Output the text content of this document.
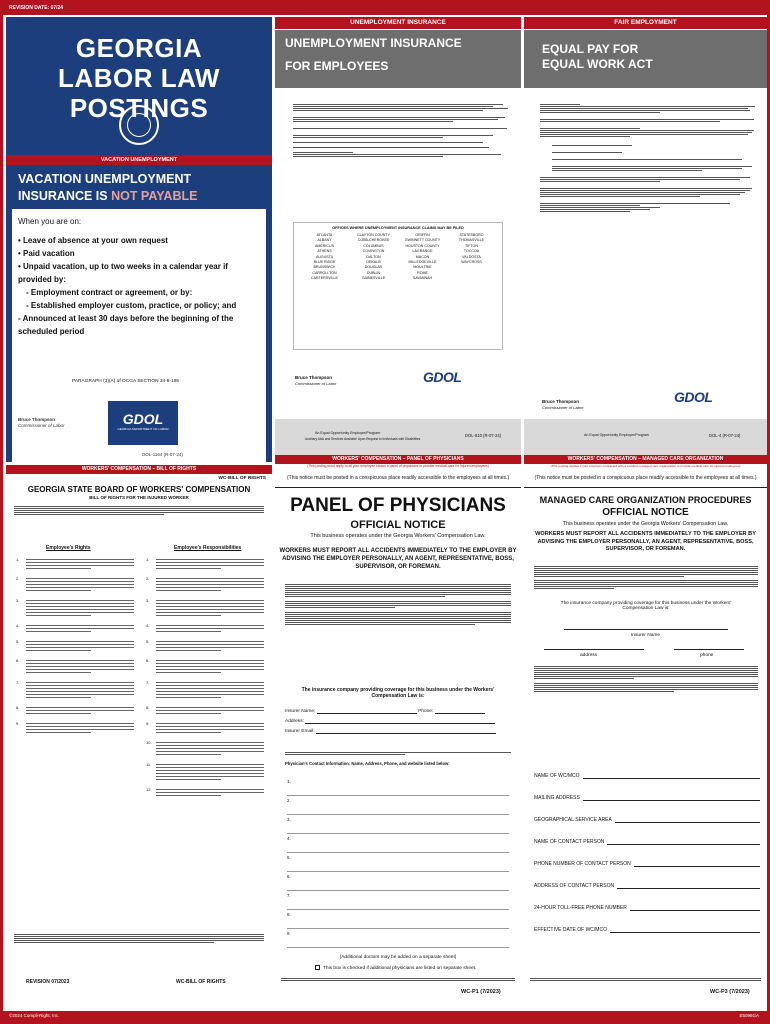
REVISION DATE: 07/24
GEORGIA
LABOR LAW POSTINGS
VACATION UNEMPLOYMENT
VACATION UNEMPLOYMENT
INSURANCE IS NOT PAYABLE
When you are on:
• Leave of absence at your own request
• Paid vacation
• Unpaid vacation, up to two weeks in a calendar year if provided by:
- Employment contract or agreement, or by:
- Established employer custom, practice, or policy; and
- Announced at least 30 days before the beginning of the scheduled period
PARAGRAPH (3)(A) of OCGA SECTION 34-8-195
Bruce Thompson
Commissioner of Labor	GDOL
GEORGIA DEPARTMENT OF LABOR
DOL-1164 (R-07-24)
UNEMPLOYMENT INSURANCE
UNEMPLOYMENT INSURANCE
FOR EMPLOYEES
OFFICES WHERE UNEMPLOYMENT INSURANCE CLAIMS MAY BE FILED
ATLANTA	CLAYTON COUNTY	GRIFFIN	STATESBORO
ALBANY	COBB-CHEROKEE	GWINNETT COUNTY	THOMASVILLE
AMERICUS	COLUMBUS	HOUSTON COUNTY	TIFTON
ATHENS	COVINGTON	LAGRANGE	TOCCOA
AUGUSTA	DALTON	MACON	VALDOSTA
BLUE RIDGE	DEKALB	MILLEDGEVILLE	WAYCROSS
BRUNSWICK	DOUGLAS	MOULTRIE
CARROLLTON	DUBLIN	ROME
CARTERSVILLE	GAINESVILLE	SAVANNAH
Bruce Thompson
Commissioner of Labor	GDOL
An Equal Opportunity Employer/Program
Auxiliary Aids and Services Available Upon Request to Individuals with Disabilities
DOL-810 (R-07-24)
FAIR EMPLOYMENT
EQUAL PAY FOR
EQUAL WORK ACT
Bruce Thompson
Commissioner of Labor
GDOL
An Equal Opportunity Employer/Program	DOL-4 (R-07-24)
WORKERS' COMPENSATION – BILL OF RIGHTS
WC-BILL OF RIGHTS
GEORGIA STATE BOARD OF WORKERS' COMPENSATION
BILL OF RIGHTS FOR THE INJURED WORKER
Employee's Rights	Employee's Responsibilities
1.
2.
3.
4.
5.
6.
7.
8.
9.
1.
2.
3.
4.
5.
6.
7.
8.
9.
10.
11.
12.
REVISION 07/2023	WC-BILL OF RIGHTS
WORKERS' COMPENSATION – PANEL OF PHYSICIANS
(This posting must apply to all your employee shown a panel of physicians to provide medical care for injured employees)
(This notice must be posted in a conspicuous place readily accessible to the employees at all times.)
PANEL OF PHYSICIANS
OFFICIAL NOTICE
This business operates under the Georgia Workers' Compensation Law.
WORKERS MUST REPORT ALL ACCIDENTS IMMEDIATELY TO THE EMPLOYER BY ADVISING THE EMPLOYER PERSONALLY, AN AGENT, REPRESENTATIVE, BOSS, SUPERVISOR, OR FOREMAN.
The insurance company providing coverage for this business under the Workers' Compensation Law is:
Insurer Name:	Phone:
Address:
Insurer Email:
Physician's Contact Information: Name, Address, Phone, and website listed below:
1.
2.
3.
4.
5.
6.
7.
8.
9.
(Additional doctors may be added on a separate sheet)
This box is checked if additional physicians are listed on separate sheet.
WC-P1 (7/2023)
WORKERS' COMPENSATION – MANAGED CARE ORGANIZATION
(This posting applies if your employer contracted with a certified managed care organization to provide medical care for injured employees)
(This notice must be posted in a conspicuous place readily accessible to the employees at all times.)
MANAGED CARE ORGANIZATION PROCEDURES
OFFICIAL NOTICE
This business operates under the Georgia Workers' Compensation Law.
WORKERS MUST REPORT ALL ACCIDENTS IMMEDIATELY TO THE EMPLOYER BY ADVISING THE EMPLOYER PERSONALLY, AN AGENT, REPRESENTATIVE, BOSS, SUPERVISOR, OR FOREMAN.
The insurance company providing coverage for this business under the Workers' Compensation Law is:
Insurer Name
address	phone
NAME OF WC/MCO
MAILING ADDRESS
GEOGRAPHICAL SERVICE AREA
NAME OF CONTACT PERSON
PHONE NUMBER OF CONTACT PERSON
ADDRESS OF CONTACT PERSON
24-HOUR TOLL-FREE PHONE NUMBER
EFFECTIVE DATE OF WC/MCO
WC-P3 (7/2023)
©2024 Compli-Right, Inc.	E5098GA
